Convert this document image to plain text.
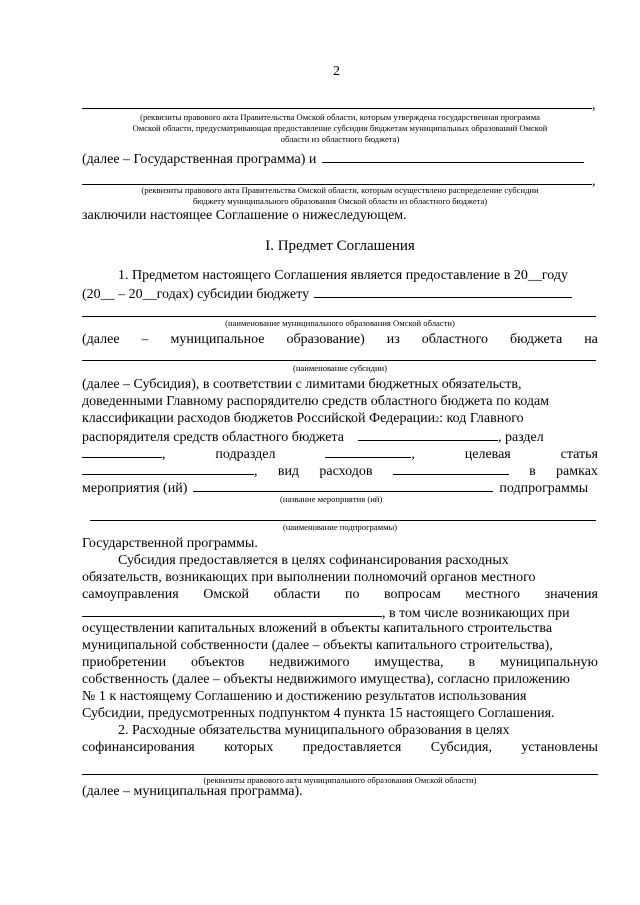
2
,
(реквизиты правового акта Правительства Омской области, которым утверждена государственная программа
Омской области, предусматривающая предоставление субсидии бюджетам муниципальных образований Омской
области из областного бюджета)
(далее – Государственная программа) и
,
(реквизиты правового акта Правительства Омской области, которым осуществлено распределение субсидии
бюджету муниципального образования Омской области из областного бюджета)
заключили настоящее Соглашение о нижеследующем.
I. Предмет Соглашения
1. Предметом настоящего Соглашения является предоставление в 20__году
(20__ – 20__годах) субсидии бюджету
(наименование муниципального образования Омской области)
(далее – муниципальное образование) из областного бюджета на
(наименование субсидии)
(далее – Субсидия), в соответствии с лимитами бюджетных обязательств,
доведенными Главному распорядителю средств областного бюджета по кодам
классификации расходов бюджетов Российской Федерации 2 : код Главного
распорядителя средств областного бюджета	, раздел
,	подраздел	,	целевая	статья
, вид расходов	в рамках
мероприятия (ий)	подпрограммы
(название мероприятия (ий)
(наименование подпрограммы)
Государственной программы.
Субсидия предоставляется в целях софинансирования расходных
обязательств, возникающих при выполнении полномочий органов местного
самоуправления Омской области по вопросам местного значения
, в том числе возникающих при
осуществлении капитальных вложений в объекты капитального строительства
муниципальной собственности (далее – объекты капитального строительства),
приобретении объектов недвижимого имущества, в муниципальную
собственность (далее – объекты недвижимого имущества), согласно приложению
№ 1 к настоящему Соглашению и достижению результатов использования
Субсидии, предусмотренных подпунктом 4 пункта 15 настоящего Соглашения.
2. Расходные обязательства муниципального образования в целях
софинансирования которых предоставляется Субсидия, установлены
(реквизиты правового акта муниципального образования Омской области)
(далее – муниципальная программа).
